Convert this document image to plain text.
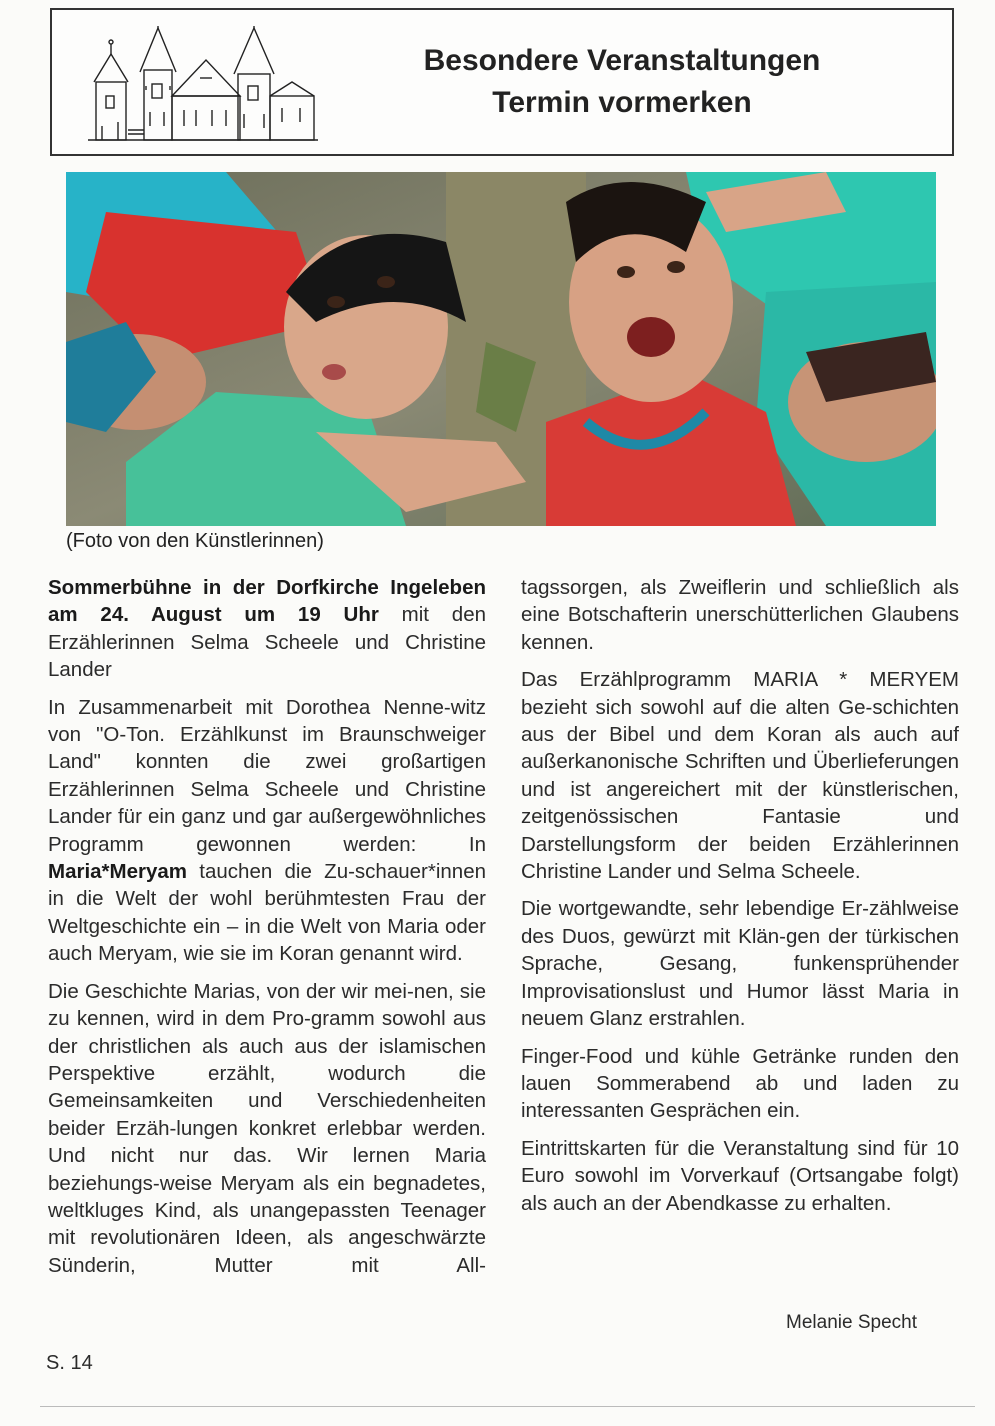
Besondere Veranstaltungen
Termin vormerken
(Foto von den Künstlerinnen)

Sommerbühne in der Dorfkirche Ingeleben am 24. August um 19 Uhr mit den Erzählerinnen Selma Scheele und Christine Lander

In Zusammenarbeit mit Dorothea Nenne-witz von "O-Ton. Erzählkunst im Braunschweiger Land" konnten die zwei großartigen Erzählerinnen Selma Scheele und Christine Lander für ein ganz und gar außergewöhnliches Programm gewonnen werden: In Maria*Meryam tauchen die Zu-schauer*innen in die Welt der wohl berühmtesten Frau der Weltgeschichte ein – in die Welt von Maria oder auch Meryam, wie sie im Koran genannt wird.

Die Geschichte Marias, von der wir mei-nen, sie zu kennen, wird in dem Pro-gramm sowohl aus der christlichen als auch aus der islamischen Perspektive erzählt, wodurch die Gemeinsamkeiten und Verschiedenheiten beider Erzäh-lungen konkret erlebbar werden. Und nicht nur das. Wir lernen Maria beziehungs-weise Meryam als ein begnadetes, weltkluges Kind, als unangepassten Teenager mit revolutionären Ideen, als angeschwärzte Sünderin, Mutter mit All-

tagssorgen, als Zweiflerin und schließlich als eine Botschafterin unerschütterlichen Glaubens kennen.

Das Erzählprogramm MARIA * MERYEM bezieht sich sowohl auf die alten Ge-schichten aus der Bibel und dem Koran als auch auf außerkanonische Schriften und Überlieferungen und ist angereichert mit der künstlerischen, zeitgenössischen Fantasie und Darstellungsform der beiden Erzählerinnen Christine Lander und Selma Scheele.

Die wortgewandte, sehr lebendige Er-zählweise des Duos, gewürzt mit Klän-gen der türkischen Sprache, Gesang, funkensprühender Improvisationslust und Humor lässt Maria in neuem Glanz erstrahlen.

Finger-Food und kühle Getränke runden den lauen Sommerabend ab und laden zu interessanten Gesprächen ein.

Eintrittskarten für die Veranstaltung sind für 10 Euro sowohl im Vorverkauf (Ortsangabe folgt) als auch an der Abendkasse zu erhalten.

Melanie Specht
S. 14
